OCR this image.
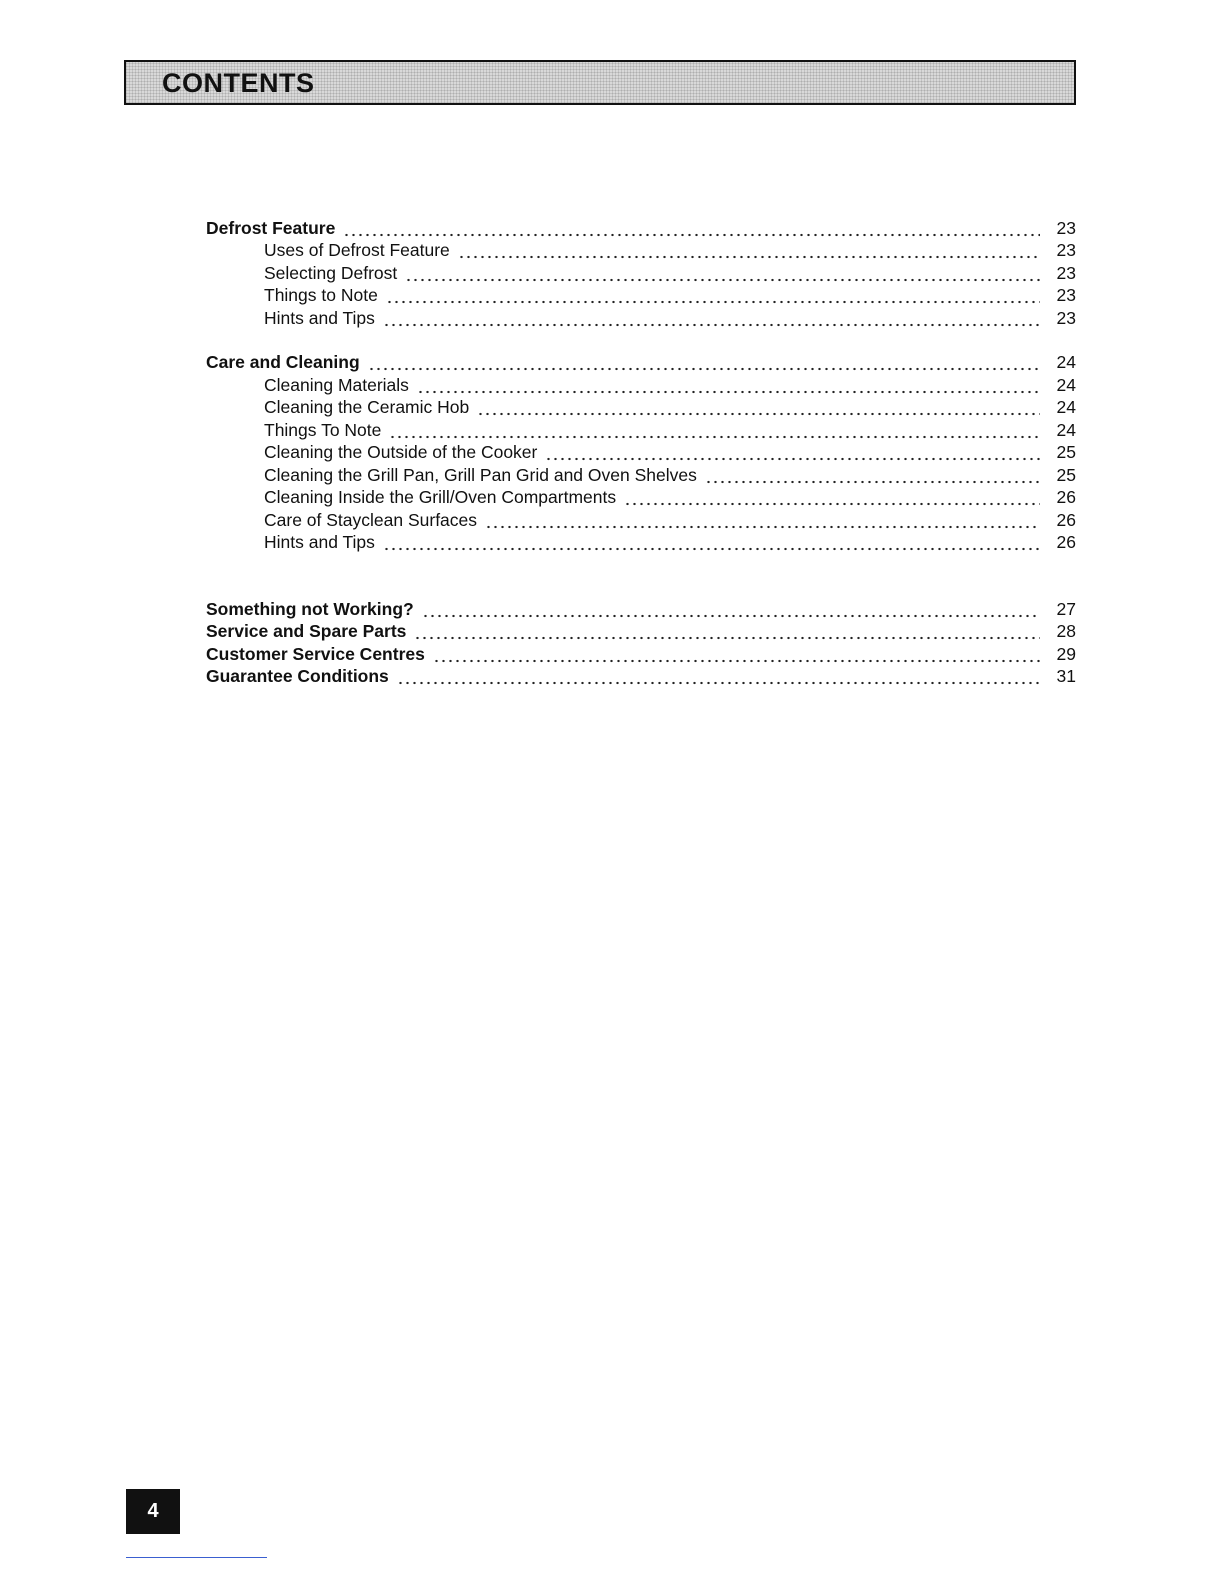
CONTENTS
Defrost Feature	23
Uses of Defrost Feature	23
Selecting Defrost	23
Things to Note	23
Hints and Tips	23
Care and Cleaning	24
Cleaning Materials	24
Cleaning the Ceramic Hob	24
Things To Note	24
Cleaning the Outside of the Cooker	25
Cleaning the Grill Pan, Grill Pan Grid and Oven Shelves	25
Cleaning Inside the Grill/Oven Compartments	26
Care of Stayclean Surfaces	26
Hints and Tips	26
Something not Working?	27
Service and Spare Parts	28
Customer Service Centres	29
Guarantee Conditions	31
4
